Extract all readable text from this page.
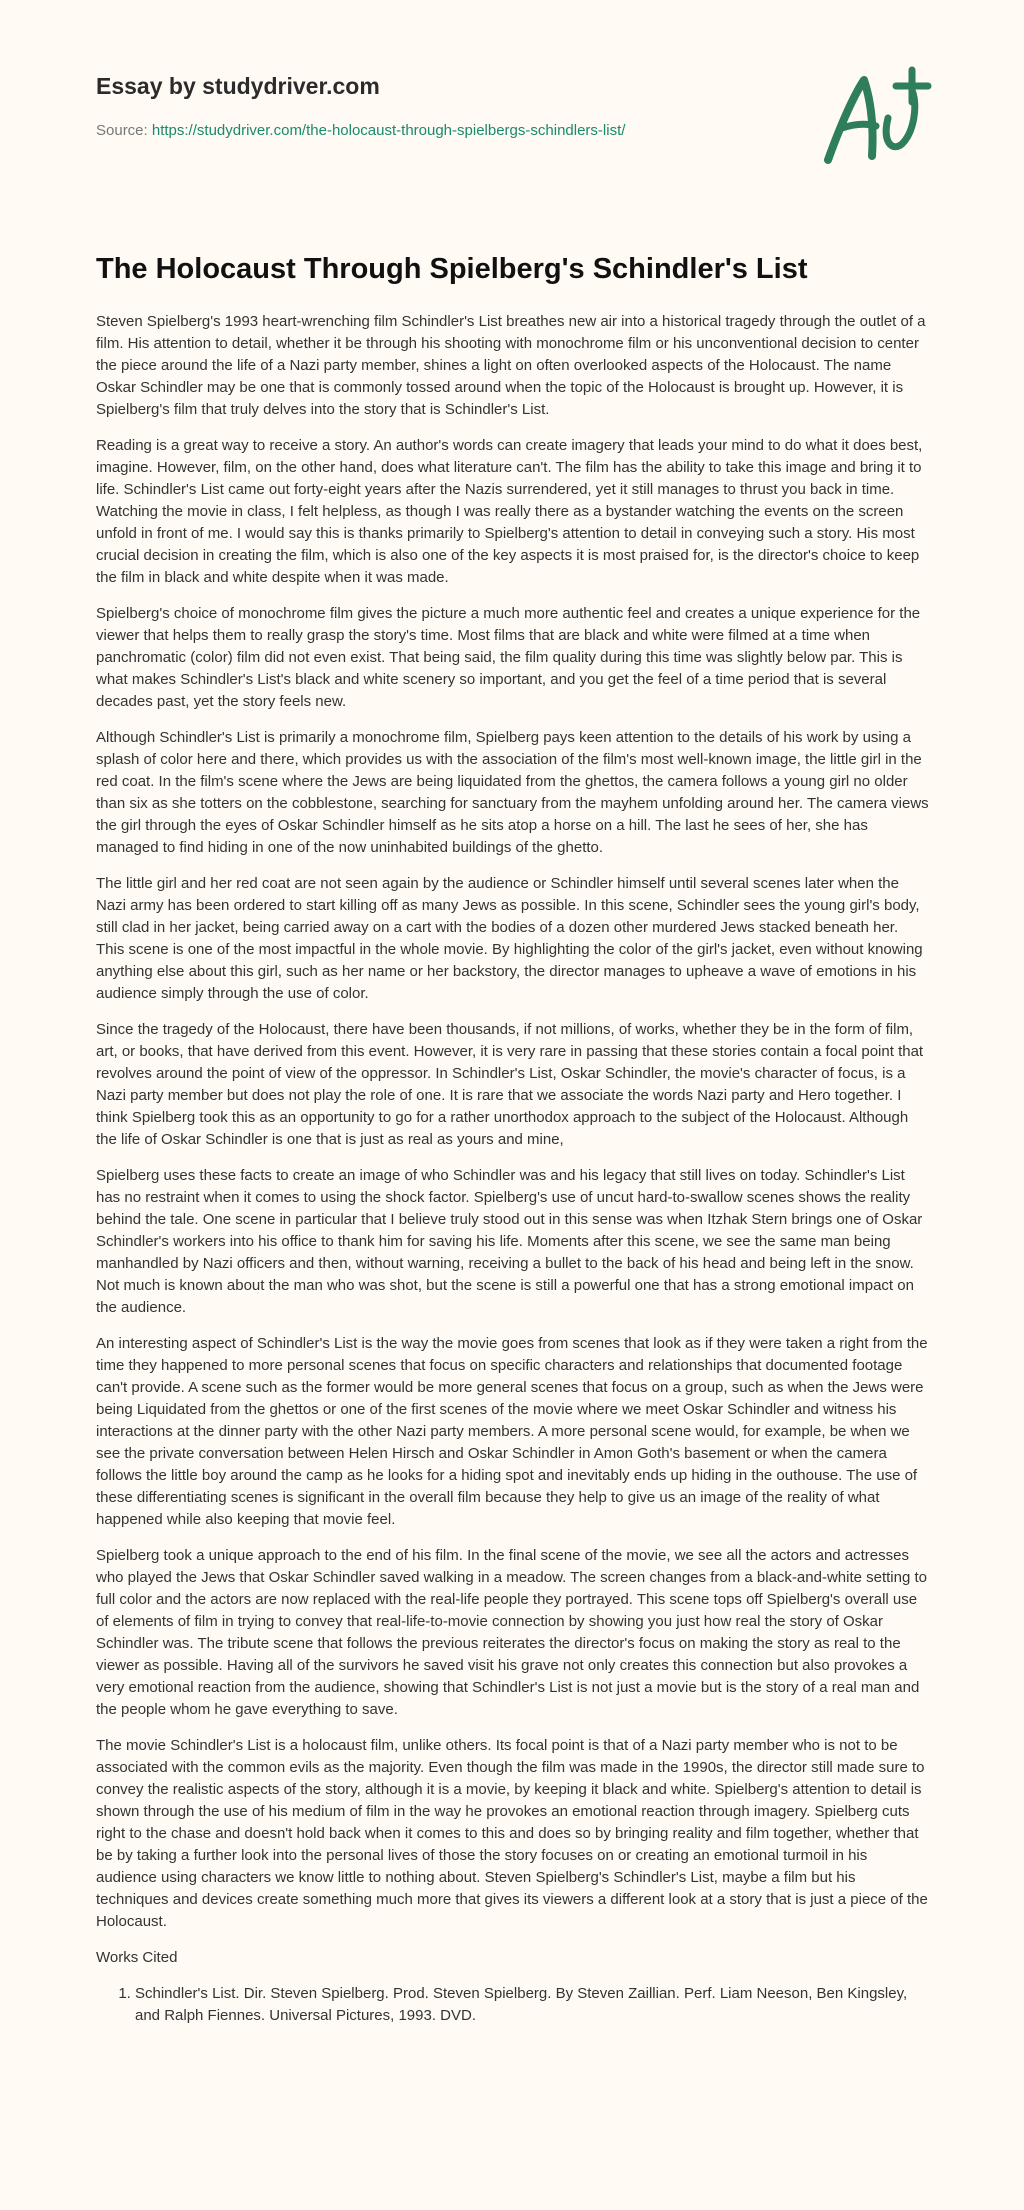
Essay by studydriver.com

Source: https://studydriver.com/the-holocaust-through-spielbergs-schindlers-list/

The Holocaust Through Spielberg's Schindler's List

Steven Spielberg's 1993 heart-wrenching film Schindler's List breathes new air into a historical tragedy through the outlet of a film. His attention to detail, whether it be through his shooting with monochrome film or his unconventional decision to center the piece around the life of a Nazi party member, shines a light on often overlooked aspects of the Holocaust. The name Oskar Schindler may be one that is commonly tossed around when the topic of the Holocaust is brought up. However, it is Spielberg's film that truly delves into the story that is Schindler's List.

Reading is a great way to receive a story. An author's words can create imagery that leads your mind to do what it does best, imagine. However, film, on the other hand, does what literature can't. The film has the ability to take this image and bring it to life. Schindler's List came out forty-eight years after the Nazis surrendered, yet it still manages to thrust you back in time. Watching the movie in class, I felt helpless, as though I was really there as a bystander watching the events on the screen unfold in front of me. I would say this is thanks primarily to Spielberg's attention to detail in conveying such a story. His most crucial decision in creating the film, which is also one of the key aspects it is most praised for, is the director's choice to keep the film in black and white despite when it was made.

Spielberg's choice of monochrome film gives the picture a much more authentic feel and creates a unique experience for the viewer that helps them to really grasp the story's time. Most films that are black and white were filmed at a time when panchromatic (color) film did not even exist. That being said, the film quality during this time was slightly below par. This is what makes Schindler's List's black and white scenery so important, and you get the feel of a time period that is several decades past, yet the story feels new.

Although Schindler's List is primarily a monochrome film, Spielberg pays keen attention to the details of his work by using a splash of color here and there, which provides us with the association of the film's most well-known image, the little girl in the red coat. In the film's scene where the Jews are being liquidated from the ghettos, the camera follows a young girl no older than six as she totters on the cobblestone, searching for sanctuary from the mayhem unfolding around her. The camera views the girl through the eyes of Oskar Schindler himself as he sits atop a horse on a hill. The last he sees of her, she has managed to find hiding in one of the now uninhabited buildings of the ghetto.

The little girl and her red coat are not seen again by the audience or Schindler himself until several scenes later when the Nazi army has been ordered to start killing off as many Jews as possible. In this scene, Schindler sees the young girl's body, still clad in her jacket, being carried away on a cart with the bodies of a dozen other murdered Jews stacked beneath her. This scene is one of the most impactful in the whole movie. By highlighting the color of the girl's jacket, even without knowing anything else about this girl, such as her name or her backstory, the director manages to upheave a wave of emotions in his audience simply through the use of color.

Since the tragedy of the Holocaust, there have been thousands, if not millions, of works, whether they be in the form of film, art, or books, that have derived from this event. However, it is very rare in passing that these stories contain a focal point that revolves around the point of view of the oppressor. In Schindler's List, Oskar Schindler, the movie's character of focus, is a Nazi party member but does not play the role of one. It is rare that we associate the words Nazi party and Hero together. I think Spielberg took this as an opportunity to go for a rather unorthodox approach to the subject of the Holocaust. Although the life of Oskar Schindler is one that is just as real as yours and mine,

Spielberg uses these facts to create an image of who Schindler was and his legacy that still lives on today. Schindler's List has no restraint when it comes to using the shock factor. Spielberg's use of uncut hard-to-swallow scenes shows the reality behind the tale. One scene in particular that I believe truly stood out in this sense was when Itzhak Stern brings one of Oskar Schindler's workers into his office to thank him for saving his life. Moments after this scene, we see the same man being manhandled by Nazi officers and then, without warning, receiving a bullet to the back of his head and being left in the snow. Not much is known about the man who was shot, but the scene is still a powerful one that has a strong emotional impact on the audience.

An interesting aspect of Schindler's List is the way the movie goes from scenes that look as if they were taken a right from the time they happened to more personal scenes that focus on specific characters and relationships that documented footage can't provide. A scene such as the former would be more general scenes that focus on a group, such as when the Jews were being Liquidated from the ghettos or one of the first scenes of the movie where we meet Oskar Schindler and witness his interactions at the dinner party with the other Nazi party members. A more personal scene would, for example, be when we see the private conversation between Helen Hirsch and Oskar Schindler in Amon Goth's basement or when the camera follows the little boy around the camp as he looks for a hiding spot and inevitably ends up hiding in the outhouse. The use of these differentiating scenes is significant in the overall film because they help to give us an image of the reality of what happened while also keeping that movie feel.

Spielberg took a unique approach to the end of his film. In the final scene of the movie, we see all the actors and actresses who played the Jews that Oskar Schindler saved walking in a meadow. The screen changes from a black-and-white setting to full color and the actors are now replaced with the real-life people they portrayed. This scene tops off Spielberg's overall use of elements of film in trying to convey that real-life-to-movie connection by showing you just how real the story of Oskar Schindler was. The tribute scene that follows the previous reiterates the director's focus on making the story as real to the viewer as possible. Having all of the survivors he saved visit his grave not only creates this connection but also provokes a very emotional reaction from the audience, showing that Schindler's List is not just a movie but is the story of a real man and the people whom he gave everything to save.

The movie Schindler's List is a holocaust film, unlike others. Its focal point is that of a Nazi party member who is not to be associated with the common evils as the majority. Even though the film was made in the 1990s, the director still made sure to convey the realistic aspects of the story, although it is a movie, by keeping it black and white. Spielberg's attention to detail is shown through the use of his medium of film in the way he provokes an emotional reaction through imagery. Spielberg cuts right to the chase and doesn't hold back when it comes to this and does so by bringing reality and film together, whether that be by taking a further look into the personal lives of those the story focuses on or creating an emotional turmoil in his audience using characters we know little to nothing about. Steven Spielberg's Schindler's List, maybe a film but his techniques and devices create something much more that gives its viewers a different look at a story that is just a piece of the Holocaust.

Works Cited

1. Schindler's List. Dir. Steven Spielberg. Prod. Steven Spielberg. By Steven Zaillian. Perf. Liam Neeson, Ben Kingsley, and Ralph Fiennes. Universal Pictures, 1993. DVD.
